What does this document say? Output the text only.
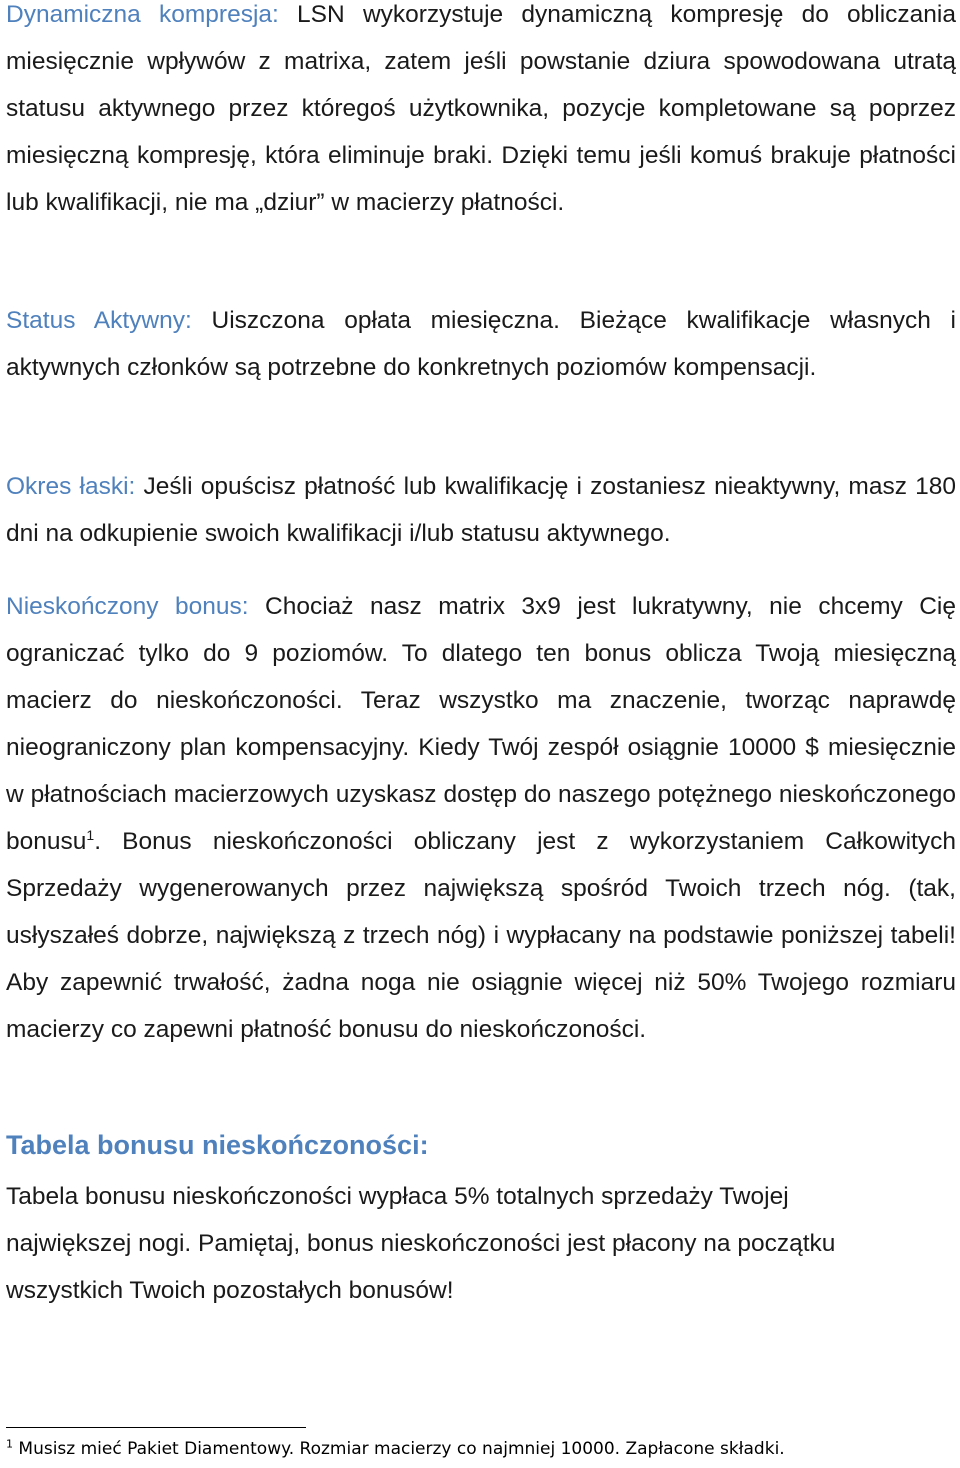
Dynamiczna kompresja: LSN wykorzystuje dynamiczną kompresję do obliczania miesięcznie wpływów z matrixa, zatem jeśli powstanie dziura spowodowana utratą statusu aktywnego przez któregoś użytkownika, pozycje kompletowane są poprzez miesięczną kompresję, która eliminuje braki. Dzięki temu jeśli komuś brakuje płatności lub kwalifikacji, nie ma „dziur” w macierzy płatności.

Status Aktywny: Uiszczona opłata miesięczna. Bieżące kwalifikacje własnych i aktywnych członków są potrzebne do konkretnych poziomów kompensacji.

Okres łaski: Jeśli opuścisz płatność lub kwalifikację i zostaniesz nieaktywny, masz 180 dni na odkupienie swoich kwalifikacji i/lub statusu aktywnego.

Nieskończony bonus: Chociaż nasz matrix 3x9 jest lukratywny, nie chcemy Cię ograniczać tylko do 9 poziomów. To dlatego ten bonus oblicza Twoją miesięczną macierz do nieskończoności. Teraz wszystko ma znaczenie, tworząc naprawdę nieograniczony plan kompensacyjny. Kiedy Twój zespół osiągnie 10000 $ miesięcznie w płatnościach macierzowych uzyskasz dostęp do naszego potężnego nieskończonego bonusu$^1$. Bonus nieskończoności obliczany jest z wykorzystaniem Całkowitych Sprzedaży wygenerowanych przez największą spośród Twoich trzech nóg. (tak, usłyszałeś dobrze, największą z trzech nóg) i wypłacany na podstawie poniższej tabeli! Aby zapewnić trwałość, żadna noga nie osiągnie więcej niż 50% Twojego rozmiaru macierzy co zapewni płatność bonusu do nieskończoności.

Tabela bonusu nieskończoności:

Tabela bonusu nieskończoności wypłaca 5% totalnych sprzedaży Twojej największej nogi. Pamiętaj, bonus nieskończoności jest płacony na początku wszystkich Twoich pozostałych bonusów!

$^1$ Musisz mieć Pakiet Diamentowy. Rozmiar macierzy co najmniej 10000. Zapłacone składki.
